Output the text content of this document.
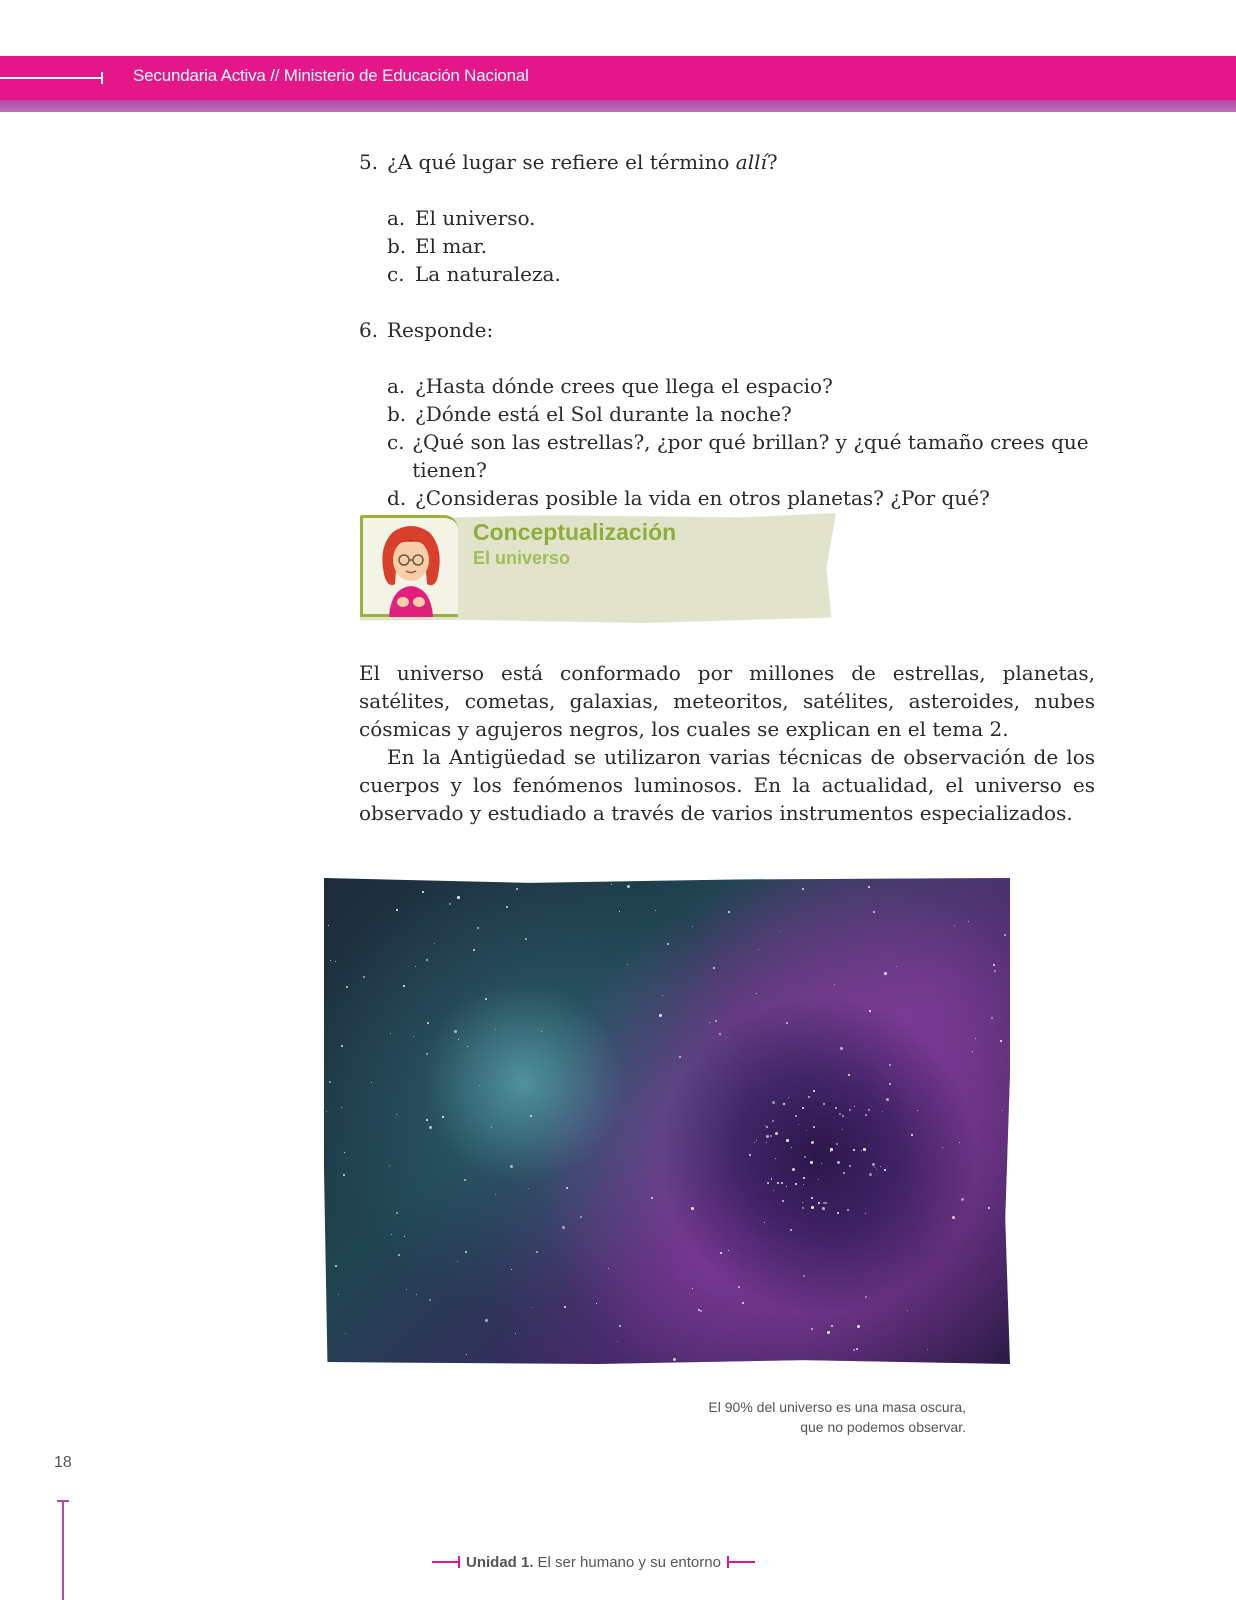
Secundaria Activa // Ministerio de Educación Nacional

5. ¿A qué lugar se refiere el término allí?

a. El universo.
b. El mar.
c. La naturaleza.

6. Responde:

a. ¿Hasta dónde crees que llega el espacio?
b. ¿Dónde está el Sol durante la noche?
c. ¿Qué son las estrellas?, ¿por qué brillan? y ¿qué tamaño crees que tienen?
d. ¿Consideras posible la vida en otros planetas? ¿Por qué?
Conceptualización
El universo

El universo está conformado por millones de estrellas, planetas, satélites, cometas, galaxias, meteoritos, satélites, asteroides, nubes cósmicas y agujeros negros, los cuales se explican en el tema 2.

En la Antigüedad se utilizaron varias técnicas de observación de los cuerpos y los fenómenos luminosos. En la actualidad, el universo es observado y estudiado a través de varios instrumentos especializados.

El 90% del universo es una masa oscura,
que no podemos observar.
18
Unidad 1. El ser humano y su entorno
